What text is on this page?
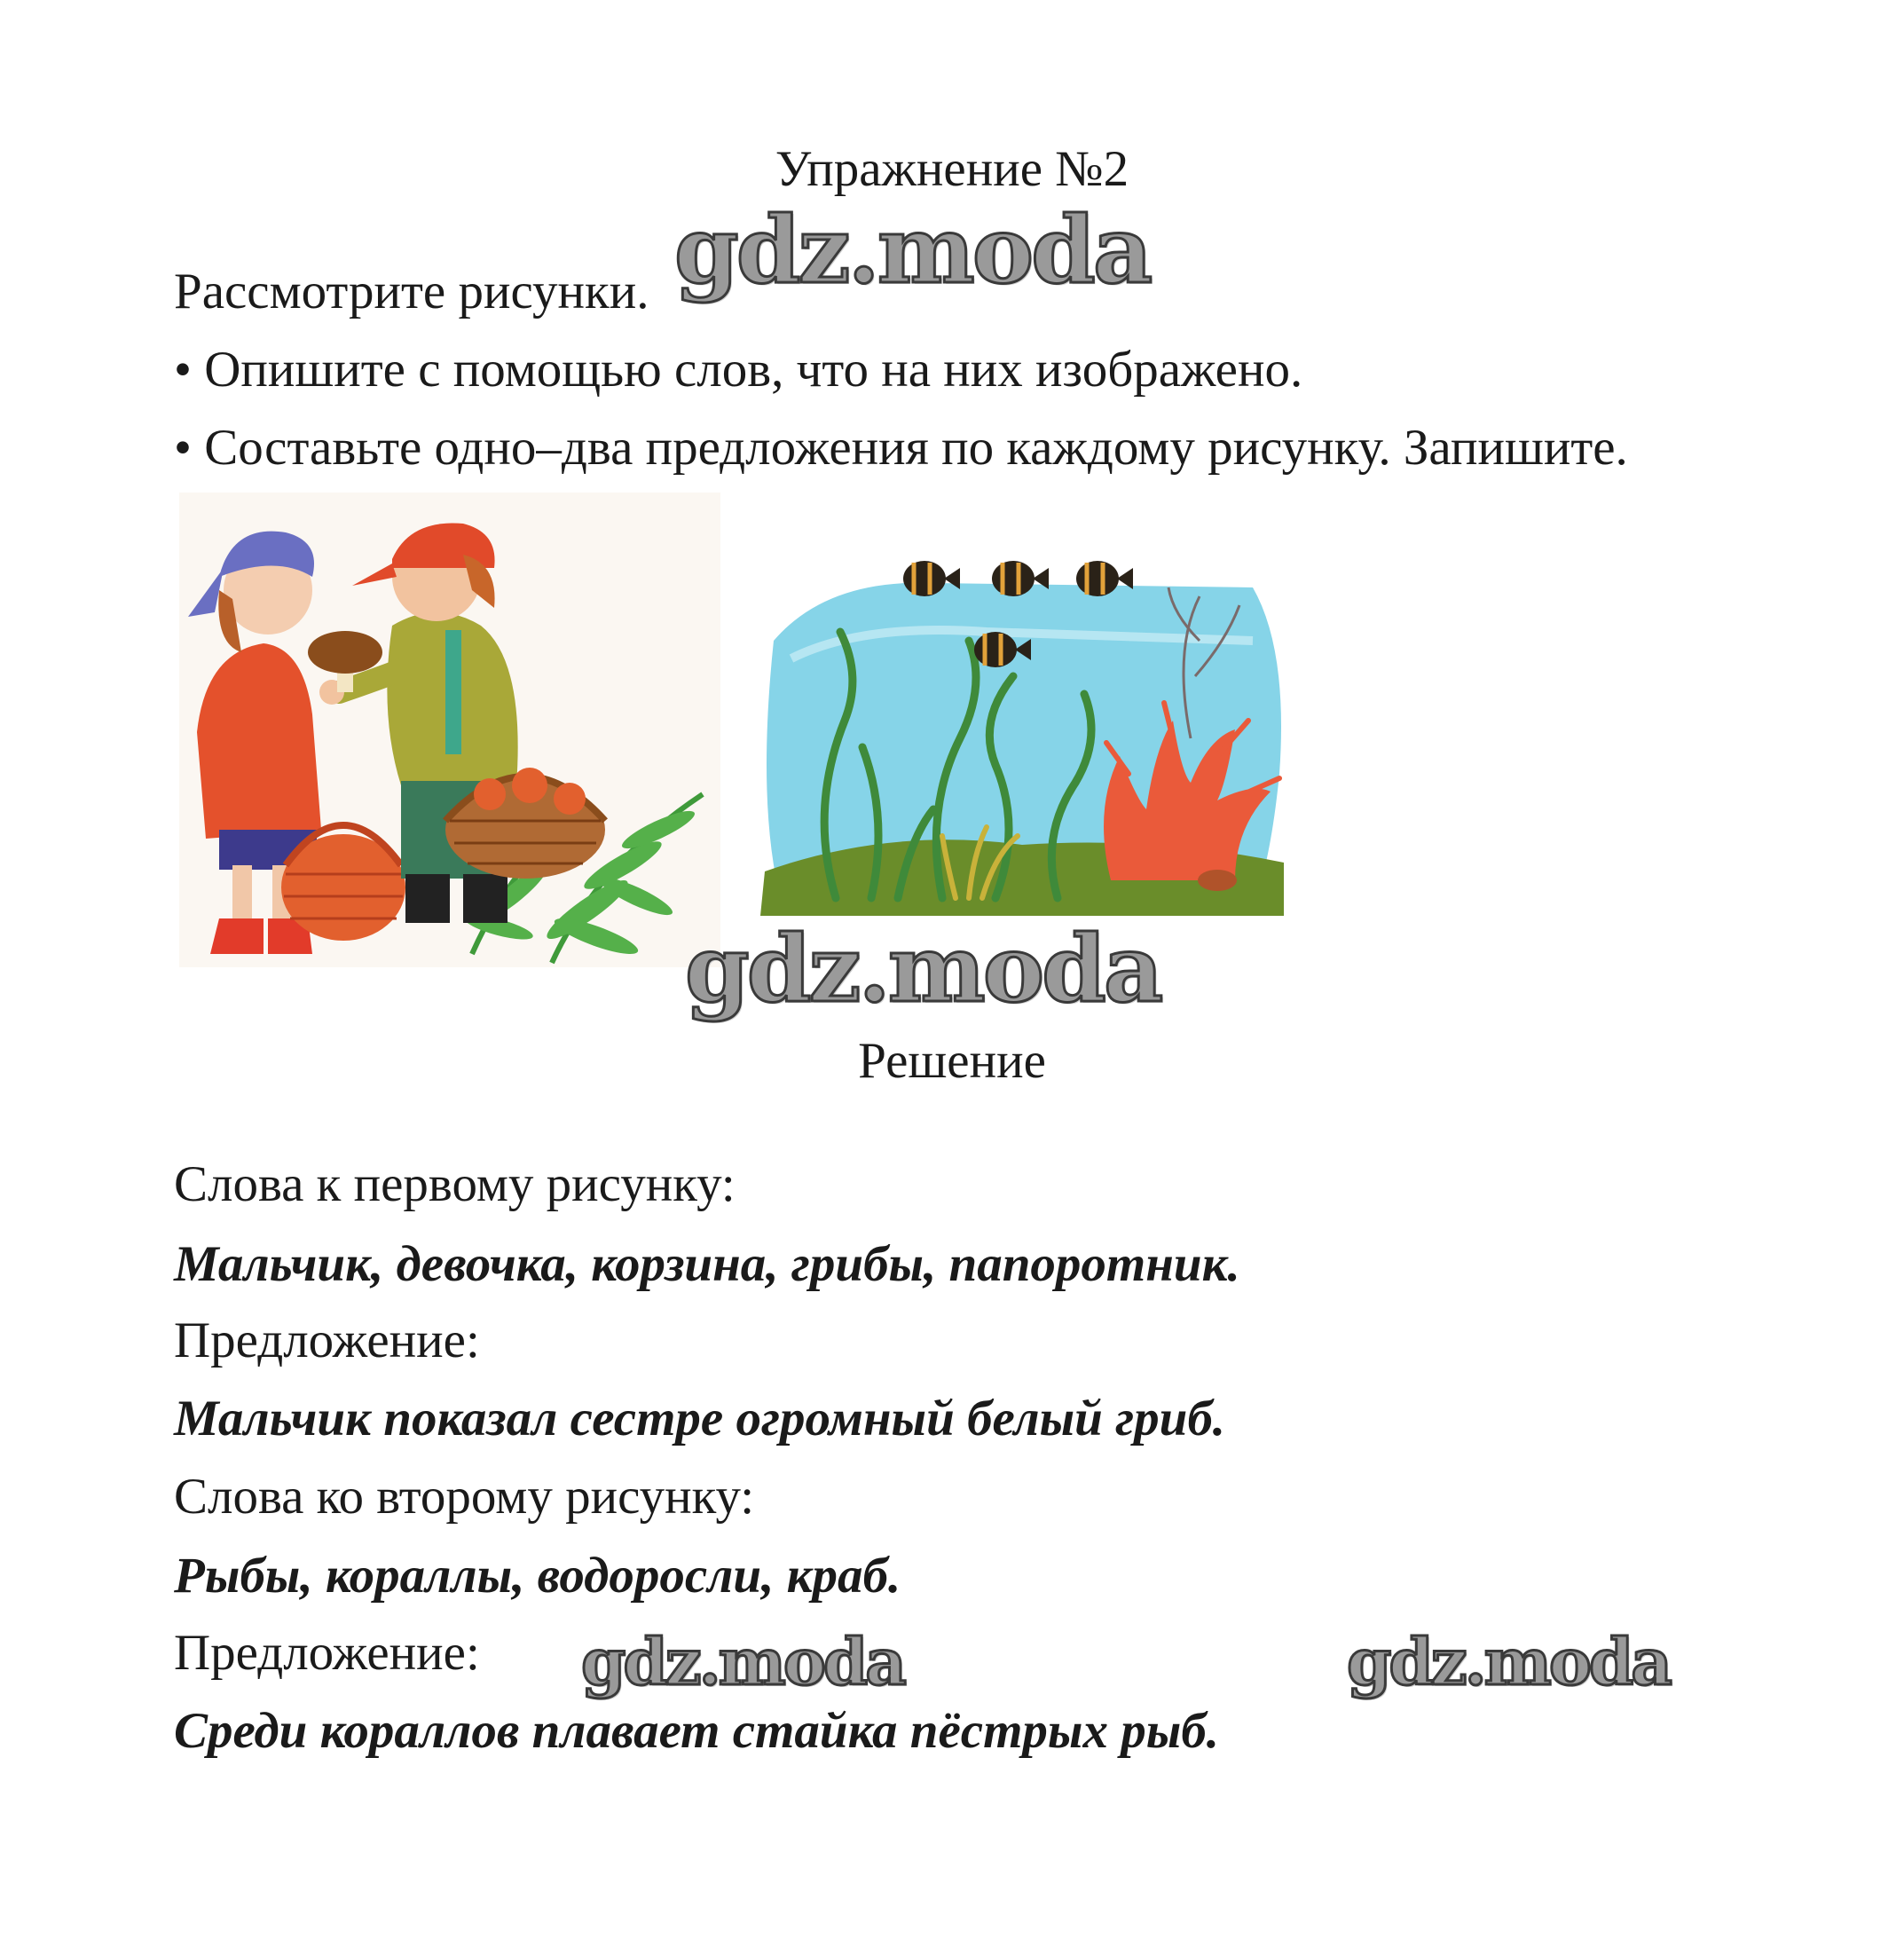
Упражнение №2
Рассмотрите рисунки.
• Опишите с помощью слов, что на них изображено.
• Составьте одно–два предложения по каждому рисунку. Запишите.
Решение
Слова к первому рисунку:
Мальчик, девочка, корзина, грибы, папоротник.
Предложение:
Мальчик показал сестре огромный белый гриб.
Слова ко второму рисунку:
Рыбы, кораллы, водоросли, краб.
Предложение:
Среди кораллов плавает стайка пёстрых рыб.
gdz.moda
gdz.moda
gdz.moda	gdz.moda
